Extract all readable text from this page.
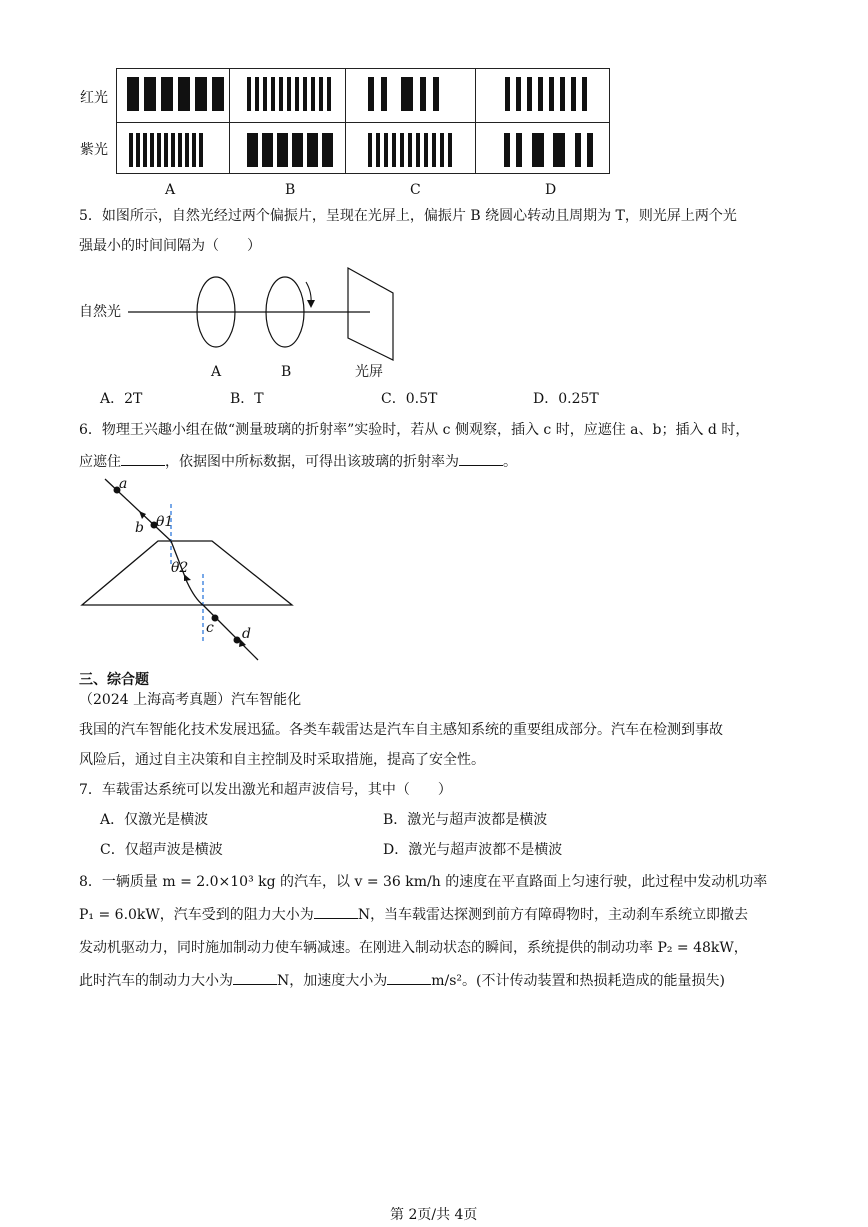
红光
紫光
A	B	C	D
5．如图所示，自然光经过两个偏振片，呈现在光屏上，偏振片 B 绕圆心转动且周期为 T，则光屏上两个光
强最小的时间间隔为（　　）
自然光
A	B	光屏
A．2T	B．T	C．0.5T	D．0.25T
6．物理王兴趣小组在做“测量玻璃的折射率”实验时，若从 c 侧观察，插入 c 时，应遮住 a、b；插入 d 时，
应遮住	，依据图中所标数据，可得出该玻璃的折射率为	。
a
b θ1
θ2
c d
三、综合题
（2024 上海高考真题）汽车智能化
我国的汽车智能化技术发展迅猛。各类车载雷达是汽车自主感知系统的重要组成部分。汽车在检测到事故
风险后，通过自主决策和自主控制及时采取措施，提高了安全性。
7．车载雷达系统可以发出激光和超声波信号，其中（　　）
A．仅激光是横波	B．激光与超声波都是横波
C．仅超声波是横波	D．激光与超声波都不是横波
8．一辆质量 m = 2.0×10³ kg 的汽车，以 v = 36 km/h 的速度在平直路面上匀速行驶，此过程中发动机功率
P₁ = 6.0kW，汽车受到的阻力大小为	N，当车载雷达探测到前方有障碍物时，主动刹车系统立即撤去
发动机驱动力，同时施加制动力使车辆减速。在刚进入制动状态的瞬间，系统提供的制动功率 P₂ = 48kW，
此时汽车的制动力大小为	N，加速度大小为	m/s²。(不计传动装置和热损耗造成的能量损失)
第 2页/共 4页
